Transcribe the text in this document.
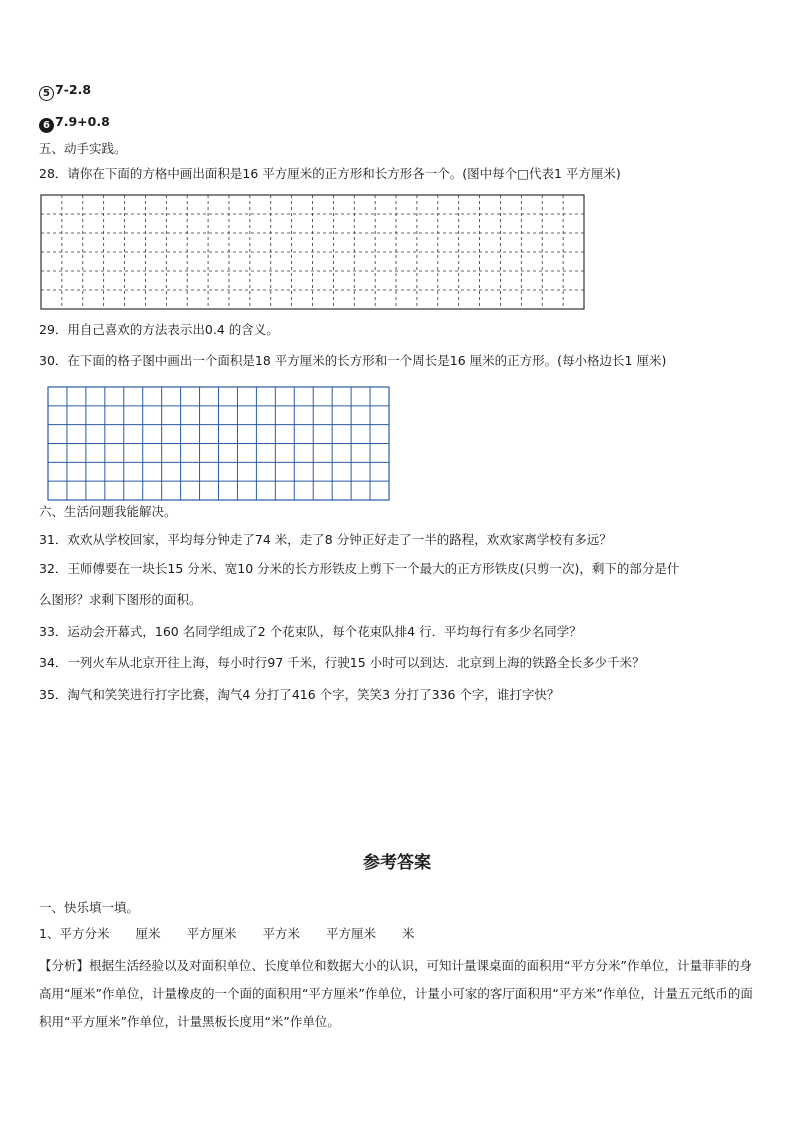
5 7-2.8
6 7.9+0.8
五、动手实践。
28．请你在下面的方格中画出面积是16 平方厘米的正方形和长方形各一个。(图中每个□代表1 平方厘米)
29．用自己喜欢的方法表示出0.4 的含义。
30．在下面的格子图中画出一个面积是18 平方厘米的长方形和一个周长是16 厘米的正方形。(每小格边长1 厘米)
六、生活问题我能解决。
31．欢欢从学校回家，平均每分钟走了74 米，走了8 分钟正好走了一半的路程，欢欢家离学校有多远？
32．王师傅要在一块长15 分米、宽10 分米的长方形铁皮上剪下一个最大的正方形铁皮(只剪一次)，剩下的部分是什
么图形？求剩下图形的面积。
33．运动会开幕式，160 名同学组成了2 个花束队，每个花束队排4 行．平均每行有多少名同学？
34．一列火车从北京开往上海，每小时行97 千米，行驶15 小时可以到达．北京到上海的铁路全长多少千米？
35．淘气和笑笑进行打字比赛，淘气4 分打了416 个字，笑笑3 分打了336 个字，谁打字快？
参考答案
一、快乐填一填。
1、平方分米 厘米 平方厘米 平方米 平方厘米 米
【分析】根据生活经验以及对面积单位、长度单位和数据大小的认识，可知计量课桌面的面积用“平方分米”作单位，计量菲菲的身高用“厘米”作单位，计量橡皮的一个面的面积用“平方厘米”作单位，计量小可家的客厅面积用“平方米”作单位，计量五元纸币的面积用“平方厘米”作单位，计量黑板长度用“米”作单位。
